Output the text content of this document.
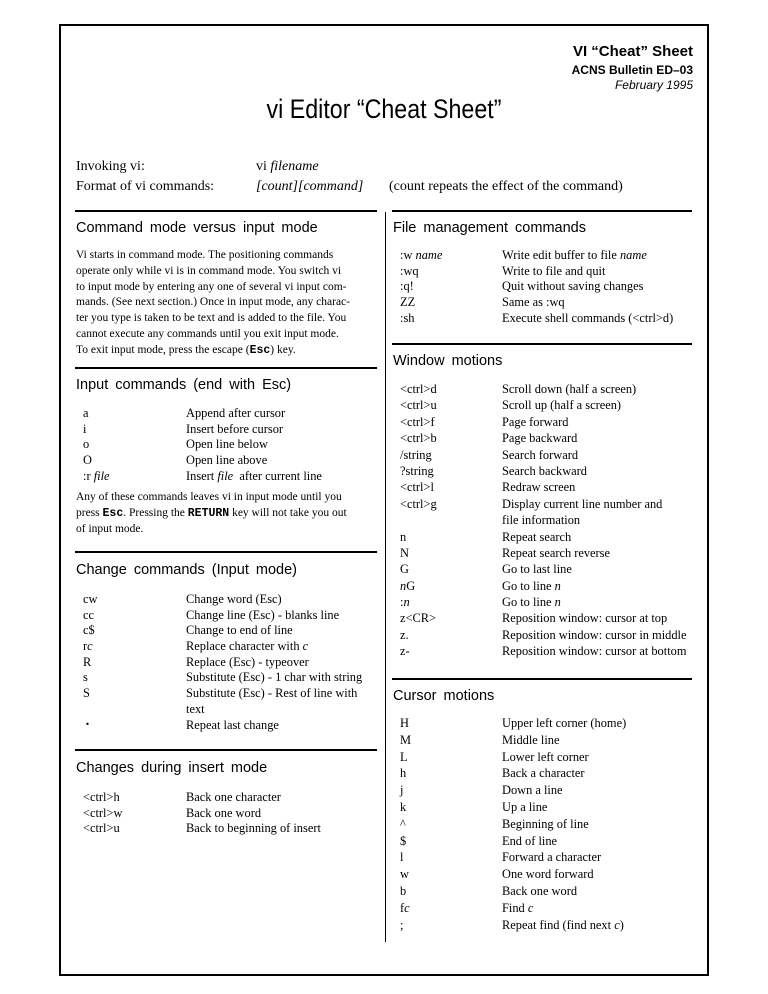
VI “Cheat” Sheet
ACNS Bulletin ED–03
February 1995
vi Editor “Cheat Sheet”
Invoking vi:	vi filename
Format of vi commands:	[count][command] (count repeats the effect of the command)
Command mode versus input mode
Vi starts in command mode. The positioning commands
operate only while vi is in command mode. You switch vi
to input mode by entering any one of several vi input com-
mands. (See next section.) Once in input mode, any charac-
ter you type is taken to be text and is added to the file. You
cannot execute any commands until you exit input mode.
To exit input mode, press the escape (Esc) key.
Input commands (end with Esc)
a	Append after cursor
i	Insert before cursor
o	Open line below
O	Open line above
:r file	Insert file after current line
Any of these commands leaves vi in input mode until you
press Esc. Pressing the RETURN key will not take you out
of input mode.
Change commands (Input mode)
cw	Change word (Esc)
cc	Change line (Esc) - blanks line
c$	Change to end of line
rc	Replace character with c
R	Replace (Esc) - typeover
s	Substitute (Esc) - 1 char with string
S	Substitute (Esc) - Rest of line with
text
.	Repeat last change
Changes during insert mode
<ctrl>h	Back one character
<ctrl>w	Back one word
<ctrl>u	Back to beginning of insert
File management commands
:w name	Write edit buffer to file name
:wq	Write to file and quit
:q!	Quit without saving changes
ZZ	Same as :wq
:sh	Execute shell commands (<ctrl>d)
Window motions
<ctrl>d	Scroll down (half a screen)
<ctrl>u	Scroll up (half a screen)
<ctrl>f	Page forward
<ctrl>b	Page backward
/string	Search forward
?string	Search backward
<ctrl>l	Redraw screen
<ctrl>g	Display current line number and
file information
n	Repeat search
N	Repeat search reverse
G	Go to last line
nG	Go to line n
:n	Go to line n
z<CR>	Reposition window: cursor at top
z.	Reposition window: cursor in middle
z-	Reposition window: cursor at bottom
Cursor motions
H	Upper left corner (home)
M	Middle line
L	Lower left corner
h	Back a character
j	Down a line
k	Up a line
^	Beginning of line
$	End of line
l	Forward a character
w	One word forward
b	Back one word
fc	Find c
;	Repeat find (find next c)
